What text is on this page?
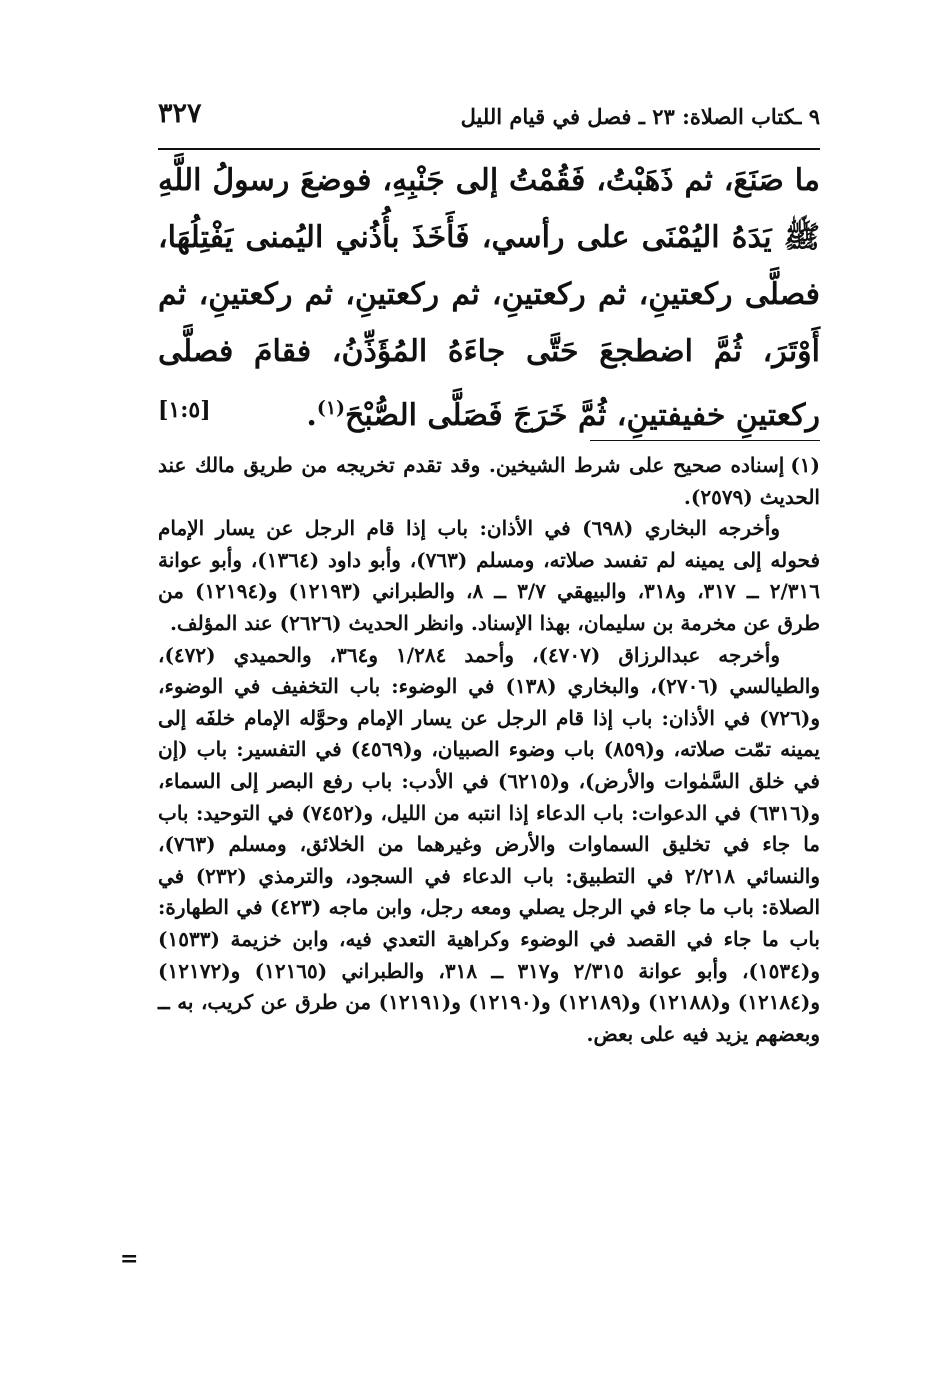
٩ ـكتاب الصلاة: ٢٣ ـ فصل في قيام الليل
٣٢٧
ما صَنَعَ، ثم ذَهَبْتُ، فَقُمْتُ إلى جَنْبِهِ، فوضعَ رسولُ اللَّهِ ﷺ يَدَهُ اليُمْنَى على رأسي، فَأَخَذَ بأُذُني اليُمنى يَفْتِلُهَا، فصلَّى ركعتينِ، ثم ركعتينِ، ثم ركعتينِ، ثم ركعتينِ، ثم أَوْتَرَ، ثُمَّ اضطجعَ حَتَّى جاءَهُ المُؤَذِّنُ، فقامَ فصلَّى ركعتينِ خفيفتينِ، ثُمَّ خَرَجَ فَصَلَّى الصُّبْحَ$^{(١)}$.
[١:٥]

(١)إسناده صحيح على شرط الشيخين. وقد تقدم تخريجه من طريق مالك عند الحديث (٢٥٧٩).

وأخرجه البخاري (٦٩٨) في الأذان: باب إذا قام الرجل عن يسار الإمام فحوله إلى يمينه لم تفسد صلاته، ومسلم (٧٦٣)، وأبو داود (١٣٦٤)، وأبو عوانة ٢/٣١٦ ــ ٣١٧، و٣١٨، والبيهقي ٣/٧ ــ ٨، والطبراني (١٢١٩٣) و(١٢١٩٤) من طرق عن مخرمة بن سليمان، بهذا الإسناد. وانظر الحديث (٢٦٢٦) عند المؤلف.

وأخرجه عبدالرزاق (٤٧٠٧)، وأحمد ١/٢٨٤ و٣٦٤، والحميدي (٤٧٢)، والطيالسي (٢٧٠٦)، والبخاري (١٣٨) في الوضوء: باب التخفيف في الوضوء، و(٧٢٦) في الأذان: باب إذا قام الرجل عن يسار الإمام وحوَّله الإمام خلفَه إلى يمينه تمّت صلاته، و(٨٥٩) باب وضوء الصبيان، و(٤٥٦٩) في التفسير: باب (إن في خلق السَّمٰوات والأرض)، و(٦٢١٥) في الأدب: باب رفع البصر إلى السماء، و(٦٣١٦) في الدعوات: باب الدعاء إذا انتبه من الليل، و(٧٤٥٢) في التوحيد: باب ما جاء في تخليق السماوات والأرض وغيرهما من الخلائق، ومسلم (٧٦٣)، والنسائي ٢/٢١٨ في التطبيق: باب الدعاء في السجود، والترمذي (٢٣٢) في الصلاة: باب ما جاء في الرجل يصلي ومعه رجل، وابن ماجه (٤٢٣) في الطهارة: باب ما جاء في القصد في الوضوء وكراهية التعدي فيه، وابن خزيمة (١٥٣٣) و(١٥٣٤)، وأبو عوانة ٢/٣١٥ و٣١٧ ــ ٣١٨، والطبراني (١٢١٦٥) و(١٢١٧٢) و(١٢١٨٤) و(١٢١٨٨) و(١٢١٨٩) و(١٢١٩٠) و(١٢١٩١) من طرق عن كريب، به ــ وبعضهم يزيد فيه على بعض.

=
